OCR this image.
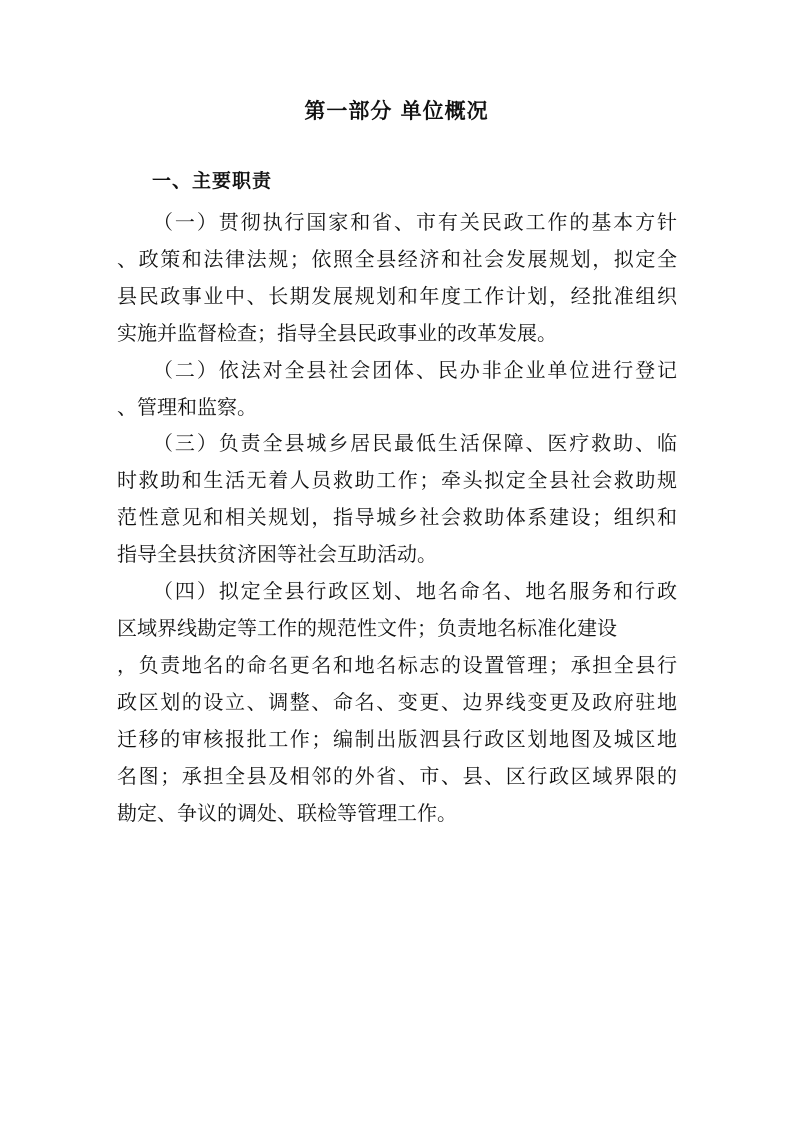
第一部分 单位概况
一、主要职责
（一）贯彻执行国家和省、市有关民政工作的基本方针
、政策和法律法规；依照全县经济和社会发展规划，拟定全
县民政事业中、长期发展规划和年度工作计划，经批准组织
实施并监督检查；指导全县民政事业的改革发展。
（二）依法对全县社会团体、民办非企业单位进行登记
、管理和监察。
（三）负责全县城乡居民最低生活保障、医疗救助、临
时救助和生活无着人员救助工作；牵头拟定全县社会救助规
范性意见和相关规划，指导城乡社会救助体系建设；组织和
指导全县扶贫济困等社会互助活动。
（四）拟定全县行政区划、地名命名、地名服务和行政
区域界线勘定等工作的规范性文件；负责地名标准化建设
，负责地名的命名更名和地名标志的设置管理；承担全县行
政区划的设立、调整、命名、变更、边界线变更及政府驻地
迁移的审核报批工作；编制出版泗县行政区划地图及城区地
名图；承担全县及相邻的外省、市、县、区行政区域界限的
勘定、争议的调处、联检等管理工作。
